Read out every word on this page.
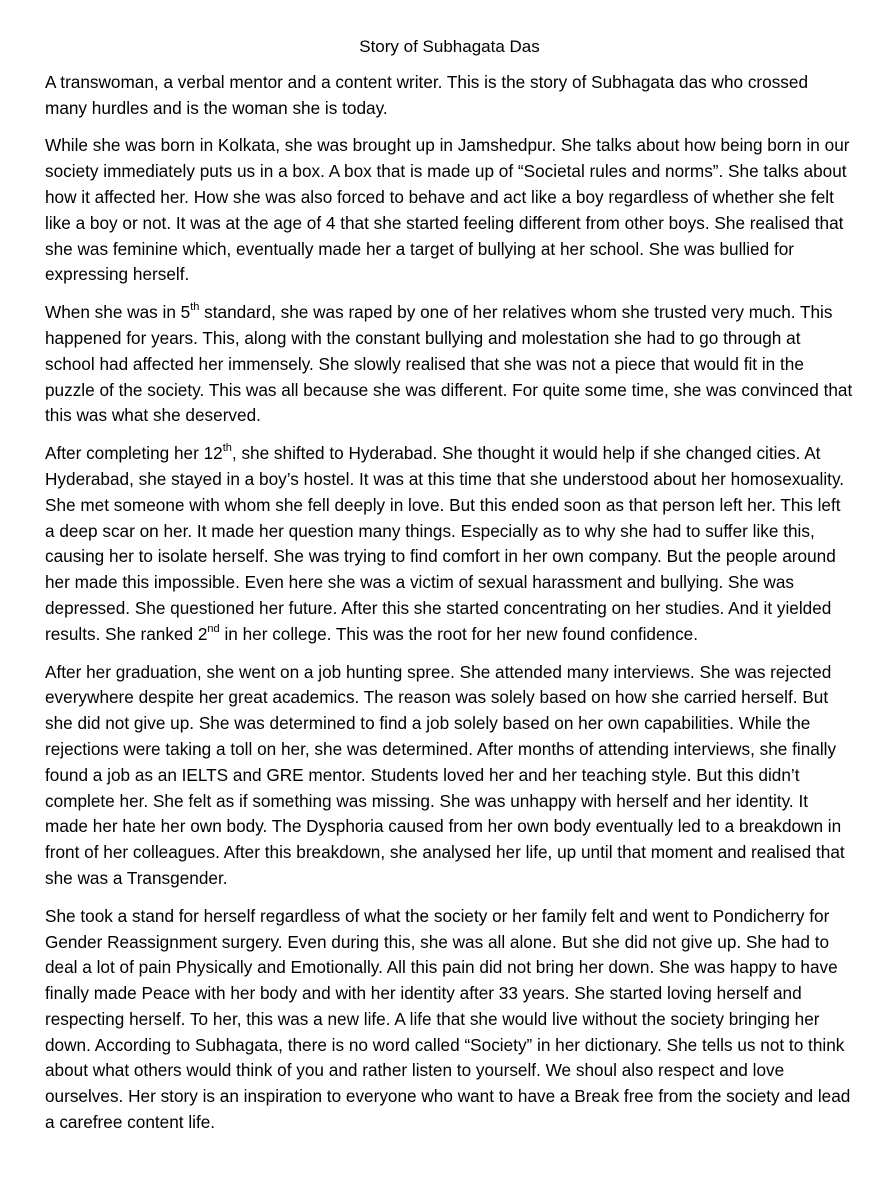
Story of Subhagata Das

A transwoman, a verbal mentor and a content writer. This is the story of Subhagata das who crossed many hurdles and is the woman she is today.

While she was born in Kolkata, she was brought up in Jamshedpur. She talks about how being born in our society immediately puts us in a box. A box that is made up of “Societal rules and norms”. She talks about how it affected her. How she was also forced to behave and act like a boy regardless of whether she felt like a boy or not. It was at the age of 4 that she started feeling different from other boys. She realised that she was feminine which, eventually made her a target of bullying at her school. She was bullied for expressing herself.

When she was in 5th standard, she was raped by one of her relatives whom she trusted very much. This happened for years. This, along with the constant bullying and molestation she had to go through at school had affected her immensely. She slowly realised that she was not a piece that would fit in the puzzle of the society. This was all because she was different. For quite some time, she was convinced that this was what she deserved.

After completing her 12th, she shifted to Hyderabad. She thought it would help if she changed cities. At Hyderabad, she stayed in a boy’s hostel. It was at this time that she understood about her homosexuality. She met someone with whom she fell deeply in love. But this ended soon as that person left her. This left a deep scar on her. It made her question many things. Especially as to why she had to suffer like this, causing her to isolate herself. She was trying to find comfort in her own company. But the people around her made this impossible. Even here she was a victim of sexual harassment and bullying. She was depressed. She questioned her future. After this she started concentrating on her studies. And it yielded results. She ranked 2nd in her college. This was the root for her new found confidence.

After her graduation, she went on a job hunting spree. She attended many interviews. She was rejected everywhere despite her great academics. The reason was solely based on how she carried herself. But she did not give up. She was determined to find a job solely based on her own capabilities. While the rejections were taking a toll on her, she was determined. After months of attending interviews, she finally found a job as an IELTS and GRE mentor. Students loved her and her teaching style. But this didn’t complete her. She felt as if something was missing. She was unhappy with herself and her identity. It made her hate her own body. The Dysphoria caused from her own body eventually led to a breakdown in front of her colleagues. After this breakdown, she analysed her life, up until that moment and realised that she was a Transgender.

She took a stand for herself regardless of what the society or her family felt and went to Pondicherry for Gender Reassignment surgery. Even during this, she was all alone. But she did not give up. She had to deal a lot of pain Physically and Emotionally. All this pain did not bring her down. She was happy to have finally made Peace with her body and with her identity after 33 years. She started loving herself and respecting herself. To her, this was a new life. A life that she would live without the society bringing her down. According to Subhagata, there is no word called “Society” in her dictionary. She tells us not to think about what others would think of you and rather listen to yourself. We shoul also respect and love ourselves. Her story is an inspiration to everyone who want to have a Break free from the society and lead a carefree content life.
